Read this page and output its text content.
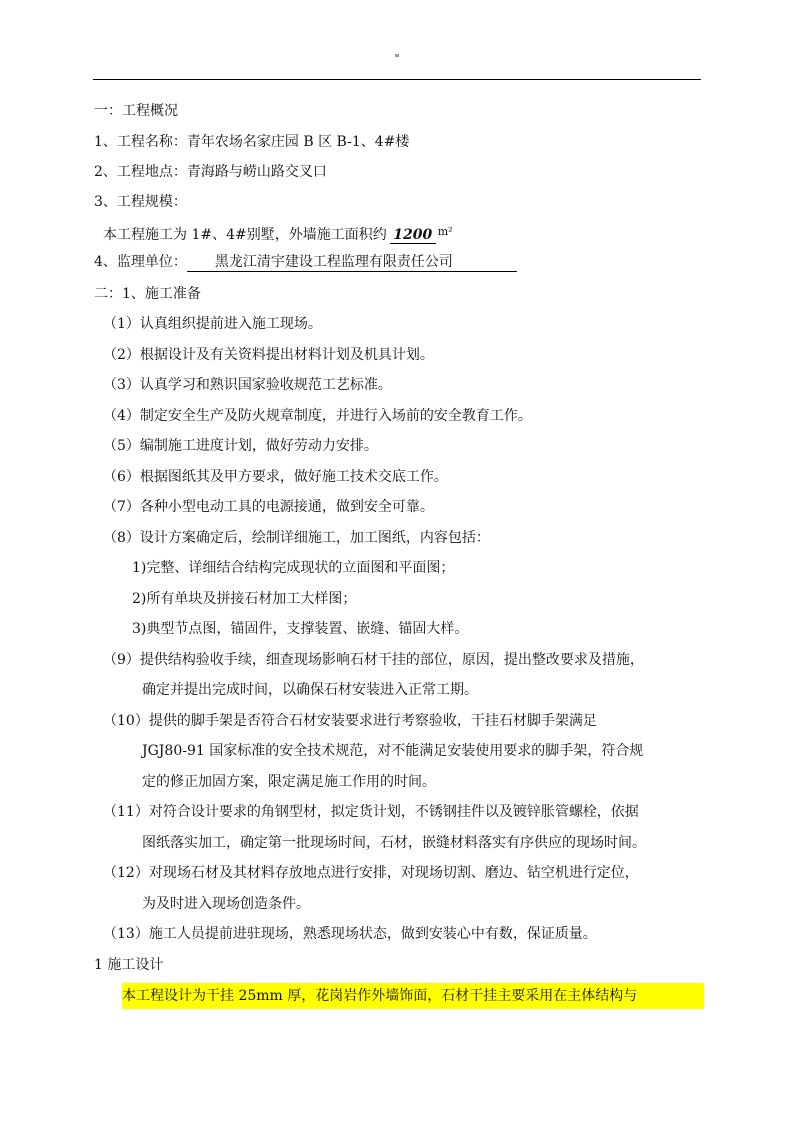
"
一：工程概况
1、工程名称：青年农场名家庄园 B 区 B-1、4#楼
2、工程地点：青海路与崂山路交叉口
3、工程规模：
本工程施工为 1#、4#别墅，外墙施工面积约 1200 $^{m^2}$
4、监理单位： 黑龙江清宇建设工程监理有限责任公司
二：1、施工准备
（1）认真组织提前进入施工现场。
（2）根据设计及有关资料提出材料计划及机具计划。
（3）认真学习和熟识国家验收规范工艺标准。
（4）制定安全生产及防火规章制度，并进行入场前的安全教育工作。
（5）编制施工进度计划，做好劳动力安排。
（6）根据图纸其及甲方要求，做好施工技术交底工作。
（7）各种小型电动工具的电源接通，做到安全可靠。
（8）设计方案确定后，绘制详细施工，加工图纸，内容包括：
1)完整、详细结合结构完成现状的立面图和平面图；
2)所有单块及拼接石材加工大样图；
3)典型节点图，锚固件，支撑装置、嵌缝、锚固大样。
（9）提供结构验收手续，细查现场影响石材干挂的部位，原因，提出整改要求及措施，
确定并提出完成时间，以确保石材安装进入正常工期。
（10）提供的脚手架是否符合石材安装要求进行考察验收，干挂石材脚手架满足
JGJ80-91 国家标准的安全技术规范，对不能满足安装使用要求的脚手架，符合规
定的修正加固方案，限定满足施工作用的时间。
（11）对符合设计要求的角钢型材，拟定货计划，不锈钢挂件以及镀锌胀管螺栓，依据
图纸落实加工，确定第一批现场时间，石材，嵌缝材料落实有序供应的现场时间。
（12）对现场石材及其材料存放地点进行安排，对现场切割、磨边、钻空机进行定位，
为及时进入现场创造条件。
（13）施工人员提前进驻现场，熟悉现场状态，做到安装心中有数，保证质量。
1 施工设计
本工程设计为干挂 25mm 厚，花岗岩作外墙饰面，石材干挂主要采用在主体结构与
